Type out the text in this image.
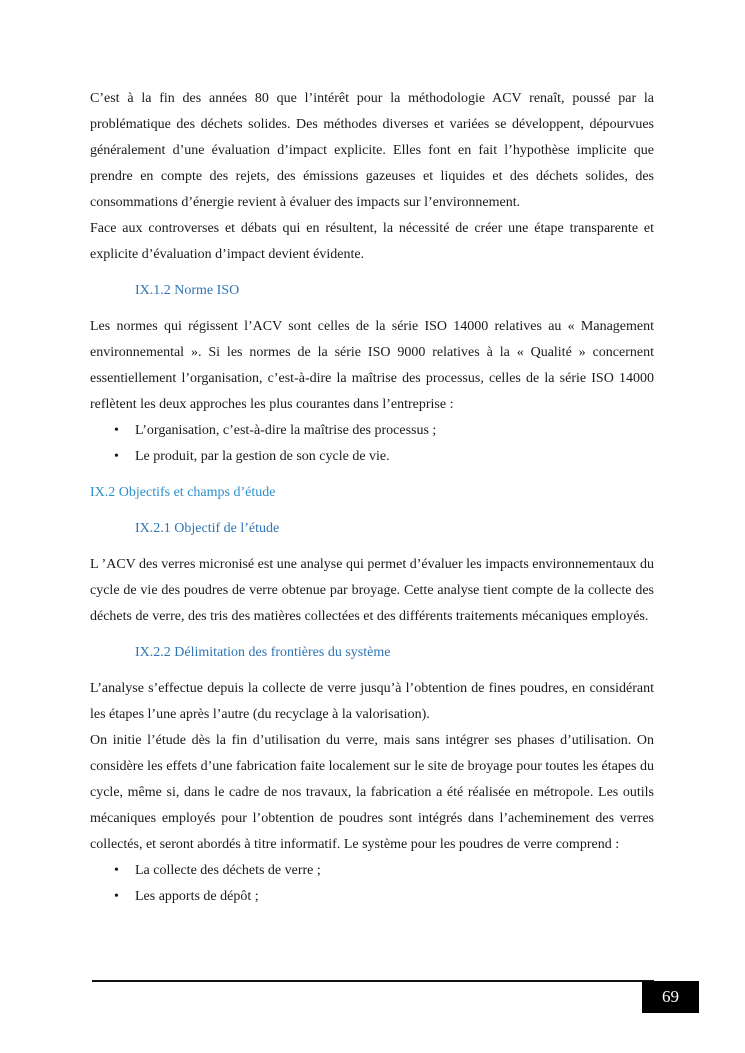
C’est à la fin des années 80 que l’intérêt pour la méthodologie ACV renaît, poussé par la problématique des déchets solides. Des méthodes diverses et variées se développent, dépourvues généralement d’une évaluation d’impact explicite. Elles font en fait l’hypothèse implicite que prendre en compte des rejets, des émissions gazeuses et liquides et des déchets solides, des consommations d’énergie revient à évaluer des impacts sur l’environnement.

Face aux controverses et débats qui en résultent, la nécessité de créer une étape transparente et explicite d’évaluation d’impact devient évidente.

IX.1.2 Norme ISO

Les normes qui régissent l’ACV sont celles de la série ISO 14000 relatives au « Management environnemental ». Si les normes de la série ISO 9000 relatives à la « Qualité » concernent essentiellement l’organisation, c’est-à-dire la maîtrise des processus, celles de la série ISO 14000 reflètent les deux approches les plus courantes dans l’entreprise :

• L’organisation, c’est-à-dire la maîtrise des processus ;
• Le produit, par la gestion de son cycle de vie.
IX.2 Objectifs et champs d’étude
IX.2.1 Objectif de l’étude

L ’ACV des verres micronisé est une analyse qui permet d’évaluer les impacts environnementaux du cycle de vie des poudres de verre obtenue par broyage. Cette analyse tient compte de la collecte des déchets de verre, des tris des matières collectées et des différents traitements mécaniques employés.

IX.2.2 Délimitation des frontières du système

L’analyse s’effectue depuis la collecte de verre jusqu’à l’obtention de fines poudres, en considérant les étapes l’une après l’autre (du recyclage à la valorisation).

On initie l’étude dès la fin d’utilisation du verre, mais sans intégrer ses phases d’utilisation. On considère les effets d’une fabrication faite localement sur le site de broyage pour toutes les étapes du cycle, même si, dans le cadre de nos travaux, la fabrication a été réalisée en métropole. Les outils mécaniques employés pour l’obtention de poudres sont intégrés dans l’acheminement des verres collectés, et seront abordés à titre informatif. Le système pour les poudres de verre comprend :

• La collecte des déchets de verre ;
• Les apports de dépôt ;
69
